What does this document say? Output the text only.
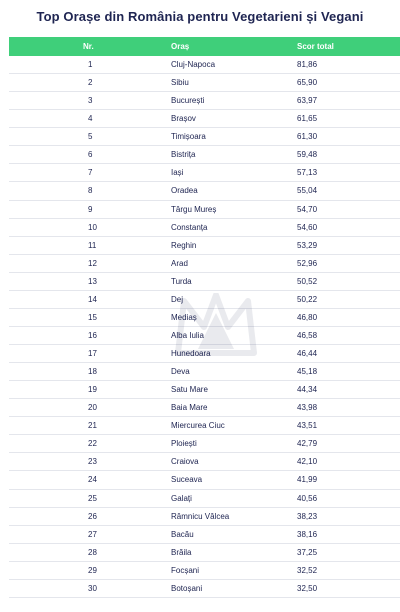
Top Orașe din România pentru Vegetarieni și Vegani
Nr.	Oraș	Scor total
1	Cluj-Napoca	81,86
2	Sibiu	65,90
3	București	63,97
4	Brașov	61,65
5	Timișoara	61,30
6	Bistrița	59,48
7	Iași	57,13
8	Oradea	55,04
9	Târgu Mureș	54,70
10	Constanța	54,60
11	Reghin	53,29
12	Arad	52,96
13	Turda	50,52
14	Dej	50,22
15	Mediaș	46,80
16	Alba Iulia	46,58
17	Hunedoara	46,44
18	Deva	45,18
19	Satu Mare	44,34
20	Baia Mare	43,98
21	Miercurea Ciuc	43,51
22	Ploiești	42,79
23	Craiova	42,10
24	Suceava	41,99
25	Galați	40,56
26	Râmnicu Vâlcea	38,23
27	Bacău	38,16
28	Brăila	37,25
29	Focșani	32,52
30	Botoșani	32,50
